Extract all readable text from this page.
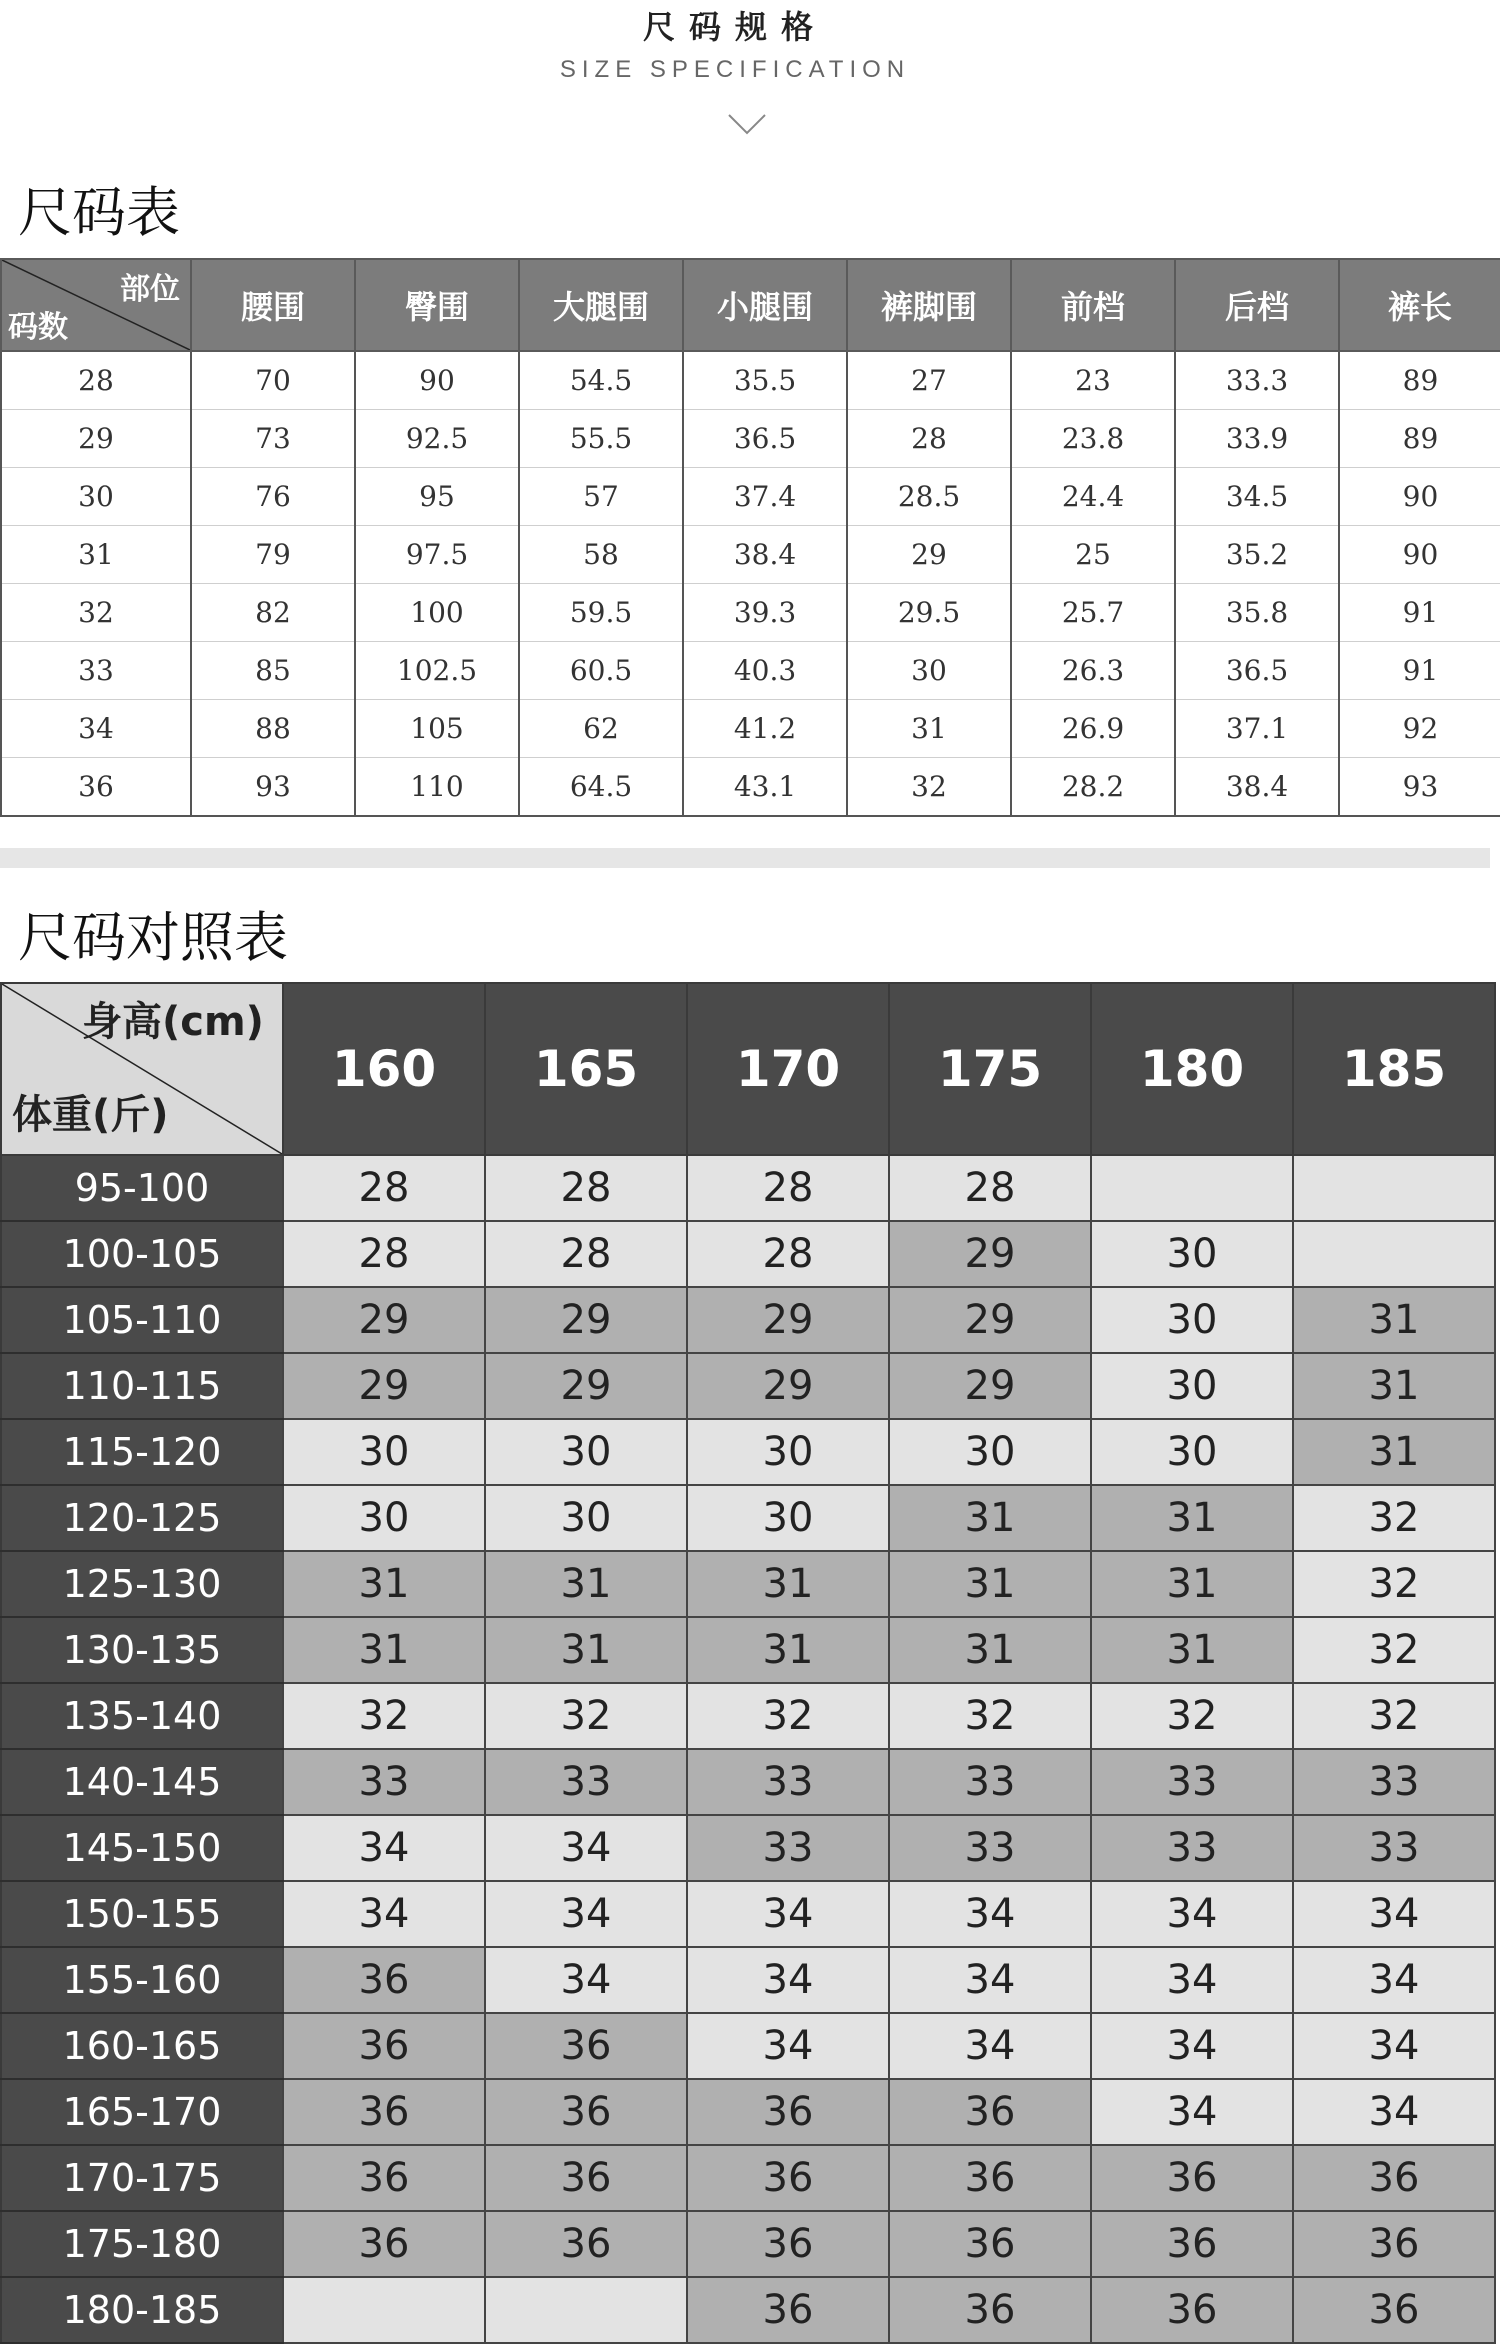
尺码规格
SIZE SPECIFICATION
尺码表
部位
码数	腰围	臀围	大腿围	小腿围	裤脚围	前档	后档	裤长
28	70	90	54.5	35.5	27	23	33.3	89
29	73	92.5	55.5	36.5	28	23.8	33.9	89
30	76	95	57	37.4	28.5	24.4	34.5	90
31	79	97.5	58	38.4	29	25	35.2	90
32	82	100	59.5	39.3	29.5	25.7	35.8	91
33	85	102.5	60.5	40.3	30	26.3	36.5	91
34	88	105	62	41.2	31	26.9	37.1	92
36	93	110	64.5	43.1	32	28.2	38.4	93
尺码对照表
身高(cm)
体重(斤)	160	165	170	175	180	185
95-100	28	28	28	28		
100-105	28	28	28	29	30	
105-110	29	29	29	29	30	31
110-115	29	29	29	29	30	31
115-120	30	30	30	30	30	31
120-125	30	30	30	31	31	32
125-130	31	31	31	31	31	32
130-135	31	31	31	31	31	32
135-140	32	32	32	32	32	32
140-145	33	33	33	33	33	33
145-150	34	34	33	33	33	33
150-155	34	34	34	34	34	34
155-160	36	34	34	34	34	34
160-165	36	36	34	34	34	34
165-170	36	36	36	36	34	34
170-175	36	36	36	36	36	36
175-180	36	36	36	36	36	36
180-185			36	36	36	36
